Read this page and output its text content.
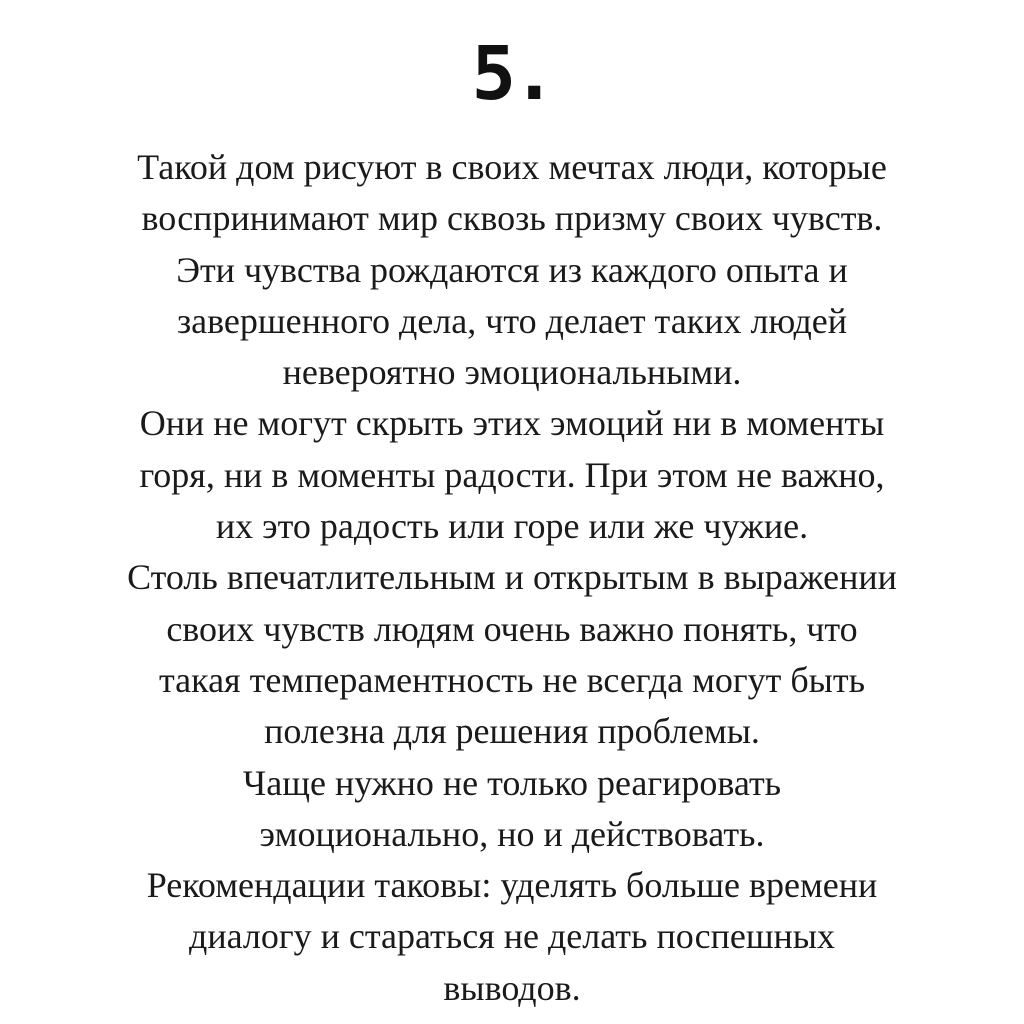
5.
Такой дом рисуют в своих мечтах люди, которые
воспринимают мир сквозь призму своих чувств.
Эти чувства рождаются из каждого опыта и
завершенного дела, что делает таких людей
невероятно эмоциональными.
Они не могут скрыть этих эмоций ни в моменты
горя, ни в моменты радости. При этом не важно,
их это радость или горе или же чужие.
Столь впечатлительным и открытым в выражении
своих чувств людям очень важно понять, что
такая темпераментность не всегда могут быть
полезна для решения проблемы.
Чаще нужно не только реагировать
эмоционально, но и действовать.
Рекомендации таковы: уделять больше времени
диалогу и стараться не делать поспешных
выводов.
